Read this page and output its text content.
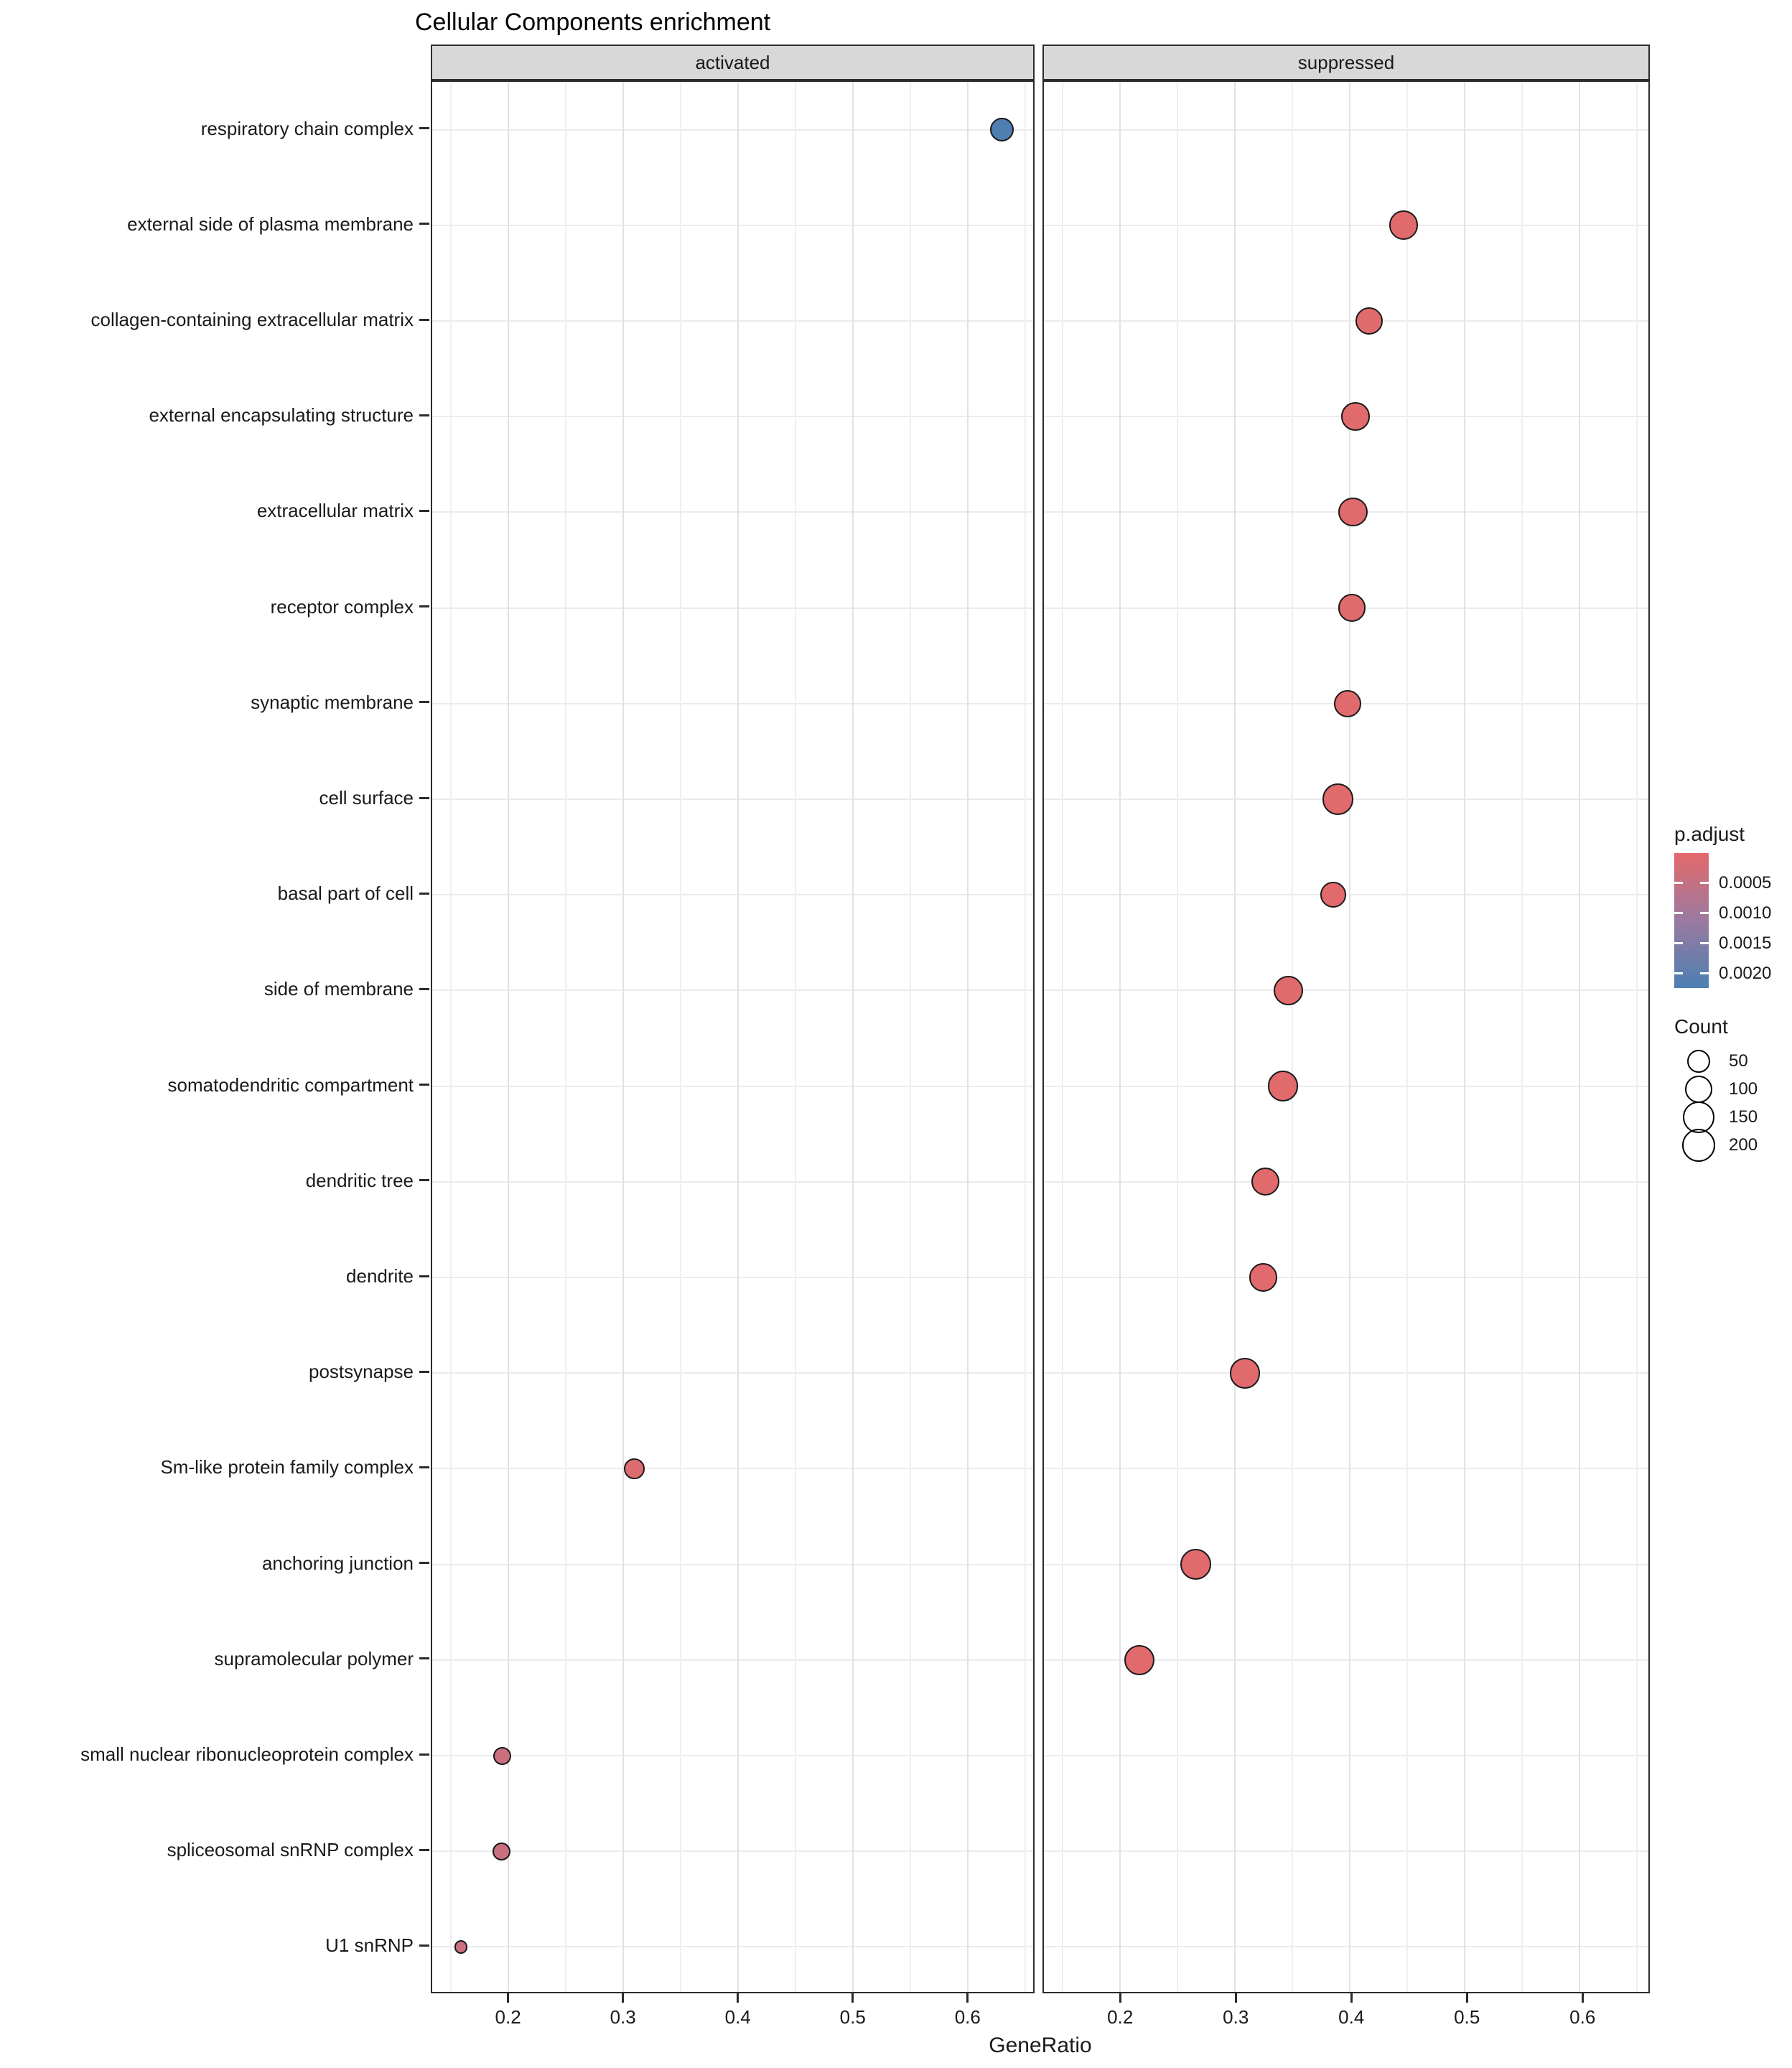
Cellular Components enrichment
activated	suppressed
respiratory chain complex
external side of plasma membrane
collagen-containing extracellular matrix
external encapsulating structure
extracellular matrix
receptor complex
synaptic membrane
cell surface
basal part of cell
side of membrane
somatodendritic compartment
dendritic tree
dendrite
postsynapse
Sm-like protein family complex
anchoring junction
supramolecular polymer
small nuclear ribonucleoprotein complex
spliceosomal snRNP complex
U1 snRNP
0.2	0.3	0.4	0.5	0.6	0.2	0.3	0.4	0.5	0.6
GeneRatio
p.adjust
0.0005
0.0010
0.0015
0.0020
Count
50
100
150
200
